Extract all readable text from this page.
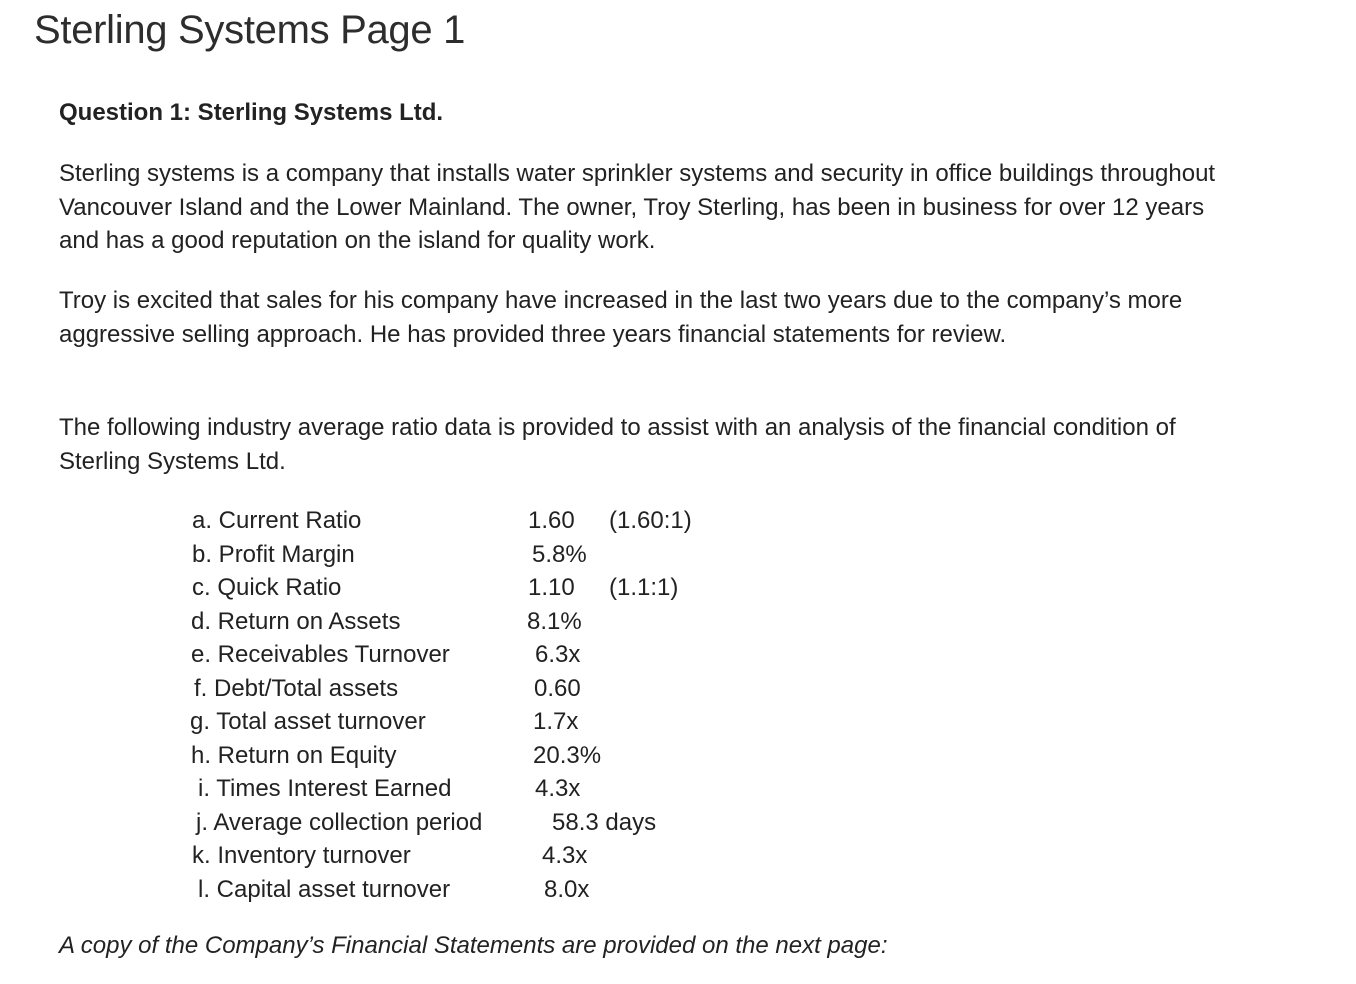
Sterling Systems Page 1

Question 1: Sterling Systems Ltd.

Sterling systems is a company that installs water sprinkler systems and security in office buildings throughout Vancouver Island and the Lower Mainland. The owner, Troy Sterling, has been in business for over 12 years and has a good reputation on the island for quality work.

Troy is excited that sales for his company have increased in the last two years due to the company’s more aggressive selling approach. He has provided three years financial statements for review.

The following industry average ratio data is provided to assist with an analysis of the financial condition of Sterling Systems Ltd.

a. Current Ratio	1.60 (1.60:1)
b. Profit Margin	5.8%
c. Quick Ratio	1.10 (1.1:1)
d. Return on Assets	8.1%
e. Receivables Turnover	6.3x
f. Debt/Total assets	0.60
g. Total asset turnover	1.7x
h. Return on Equity	20.3%
i. Times Interest Earned	4.3x
j. Average collection period	58.3 days
k. Inventory turnover	4.3x
l. Capital asset turnover	8.0x

A copy of the Company’s Financial Statements are provided on the next page:
